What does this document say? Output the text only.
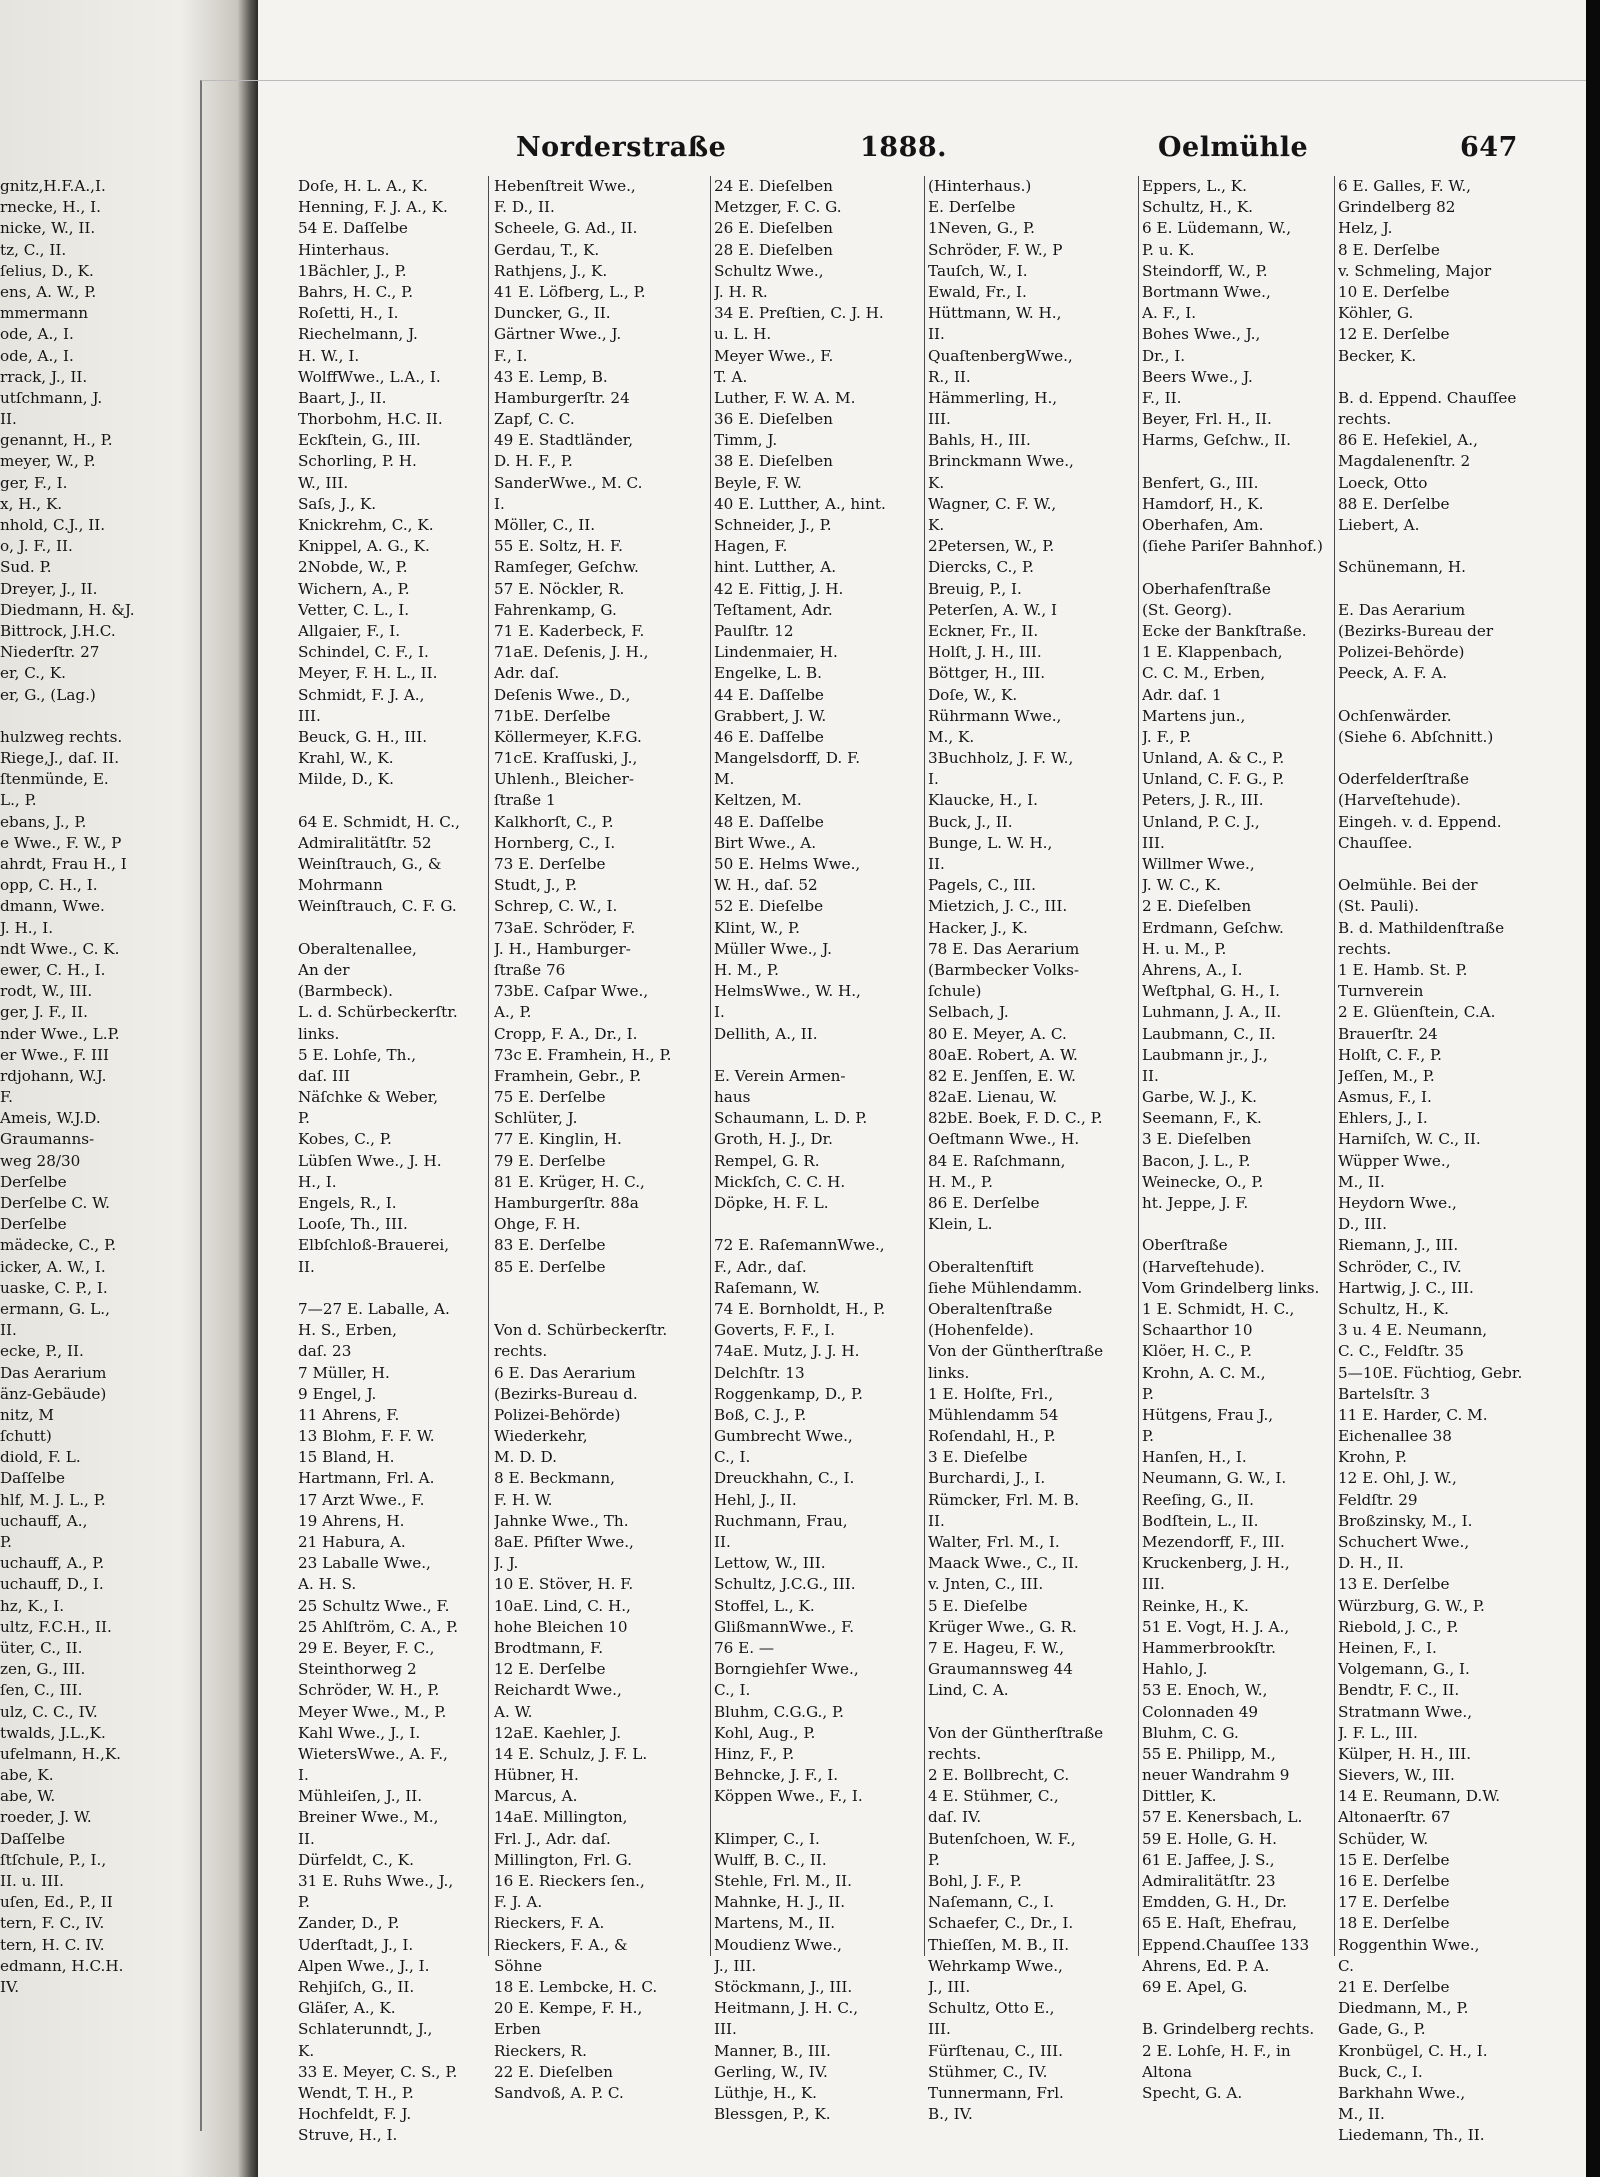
Norderstraße	1888.	Oelmühle	647
gnitz,H.F.A.,I.
rnecke, H., I.
nicke, W., II.
tz, C., II.
ſelius, D., K.
ens, A. W., P.
mmermann
ode, A., I.
ode, A., I.
rrack, J., II.
utſchmann, J.
II.
genannt, H., P.
meyer, W., P.
ger, F., I.
x, H., K.
nhold, C.J., II.
o, J. F., II.
Sud. P.
Dreyer, J., II.
Diedmann, H. &J.
Bittrock, J.H.C.
Niederſtr. 27
er, C., K.
er, G., (Lag.)
hulzweg rechts.
Riege,J., daſ. II.
ſtenmünde, E.
L., P.
ebans, J., P.
e Wwe., F. W., P
ahrdt, Frau H., I
opp, C. H., I.
dmann, Wwe.
J. H., I.
ndt Wwe., C. K.
ewer, C. H., I.
rodt, W., III.
ger, J. F., II.
nder Wwe., L.P.
er Wwe., F. III
rdjohann, W.J.
F.
Ameis, W.J.D.
Graumanns-
weg 28/30
Derſelbe
Derſelbe C. W.
Derſelbe
mädecke, C., P.
icker, A. W., I.
uaske, C. P., I.
ermann, G. L.,
II.
ecke, P., II.
Das Aerarium
änz-Gebäude)
nitz, M
ſchutt)
diold, F. L.
Daſſelbe
hlf, M. J. L., P.
uchauff, A.,
P.
uchauff, A., P.
uchauff, D., I.
hz, K., I.
ultz, F.C.H., II.
üter, C., II.
zen, G., III.
ſen, C., III.
ulz, C. C., IV.
twalds, J.L.,K.
ufelmann, H.,K.
abe, K.
abe, W.
roeder, J. W.
Daſſelbe
ſtſchule, P., I.,
II. u. III.
uſen, Ed., P., II
tern, F. C., IV.
tern, H. C. IV.
edmann, H.C.H.
IV.
Doſe, H. L. A., K.
Henning, F. J. A., K.
54 E. Daſſelbe
Hinterhaus.
1Bächler, J., P.
Bahrs, H. C., P.
Roſetti, H., I.
Riechelmann, J.
H. W., I.
WolffWwe., L.A., I.
Baart, J., II.
Thorbohm, H.C. II.
Eckſtein, G., III.
Schorling, P. H.
W., III.
Saſs, J., K.
Knickrehm, C., K.
Knippel, A. G., K.
2Nobde, W., P.
Wichern, A., P.
Vetter, C. L., I.
Allgaier, F., I.
Schindel, C. F., I.
Meyer, F. H. L., II.
Schmidt, F. J. A.,
III.
Beuck, G. H., III.
Krahl, W., K.
Milde, D., K.
64 E. Schmidt, H. C.,
Admiralitätſtr. 52
Weinſtrauch, G., &
Mohrmann
Weinſtrauch, C. F. G.
Oberaltenallee,
An der
(Barmbeck).
L. d. Schürbeckerſtr.
links.
5 E. Lohſe, Th.,
daſ. III
Näſchke & Weber,
P.
Kobes, C., P.
Lübſen Wwe., J. H.
H., I.
Engels, R., I.
Looſe, Th., III.
Elbſchloß-Brauerei,
II.
7—27 E. Laballe, A.
H. S., Erben,
daſ. 23
7 Müller, H.
9 Engel, J.
11 Ahrens, F.
13 Blohm, F. F. W.
15 Bland, H.
Hartmann, Frl. A.
17 Arzt Wwe., F.
19 Ahrens, H.
21 Habura, A.
23 Laballe Wwe.,
A. H. S.
25 Schultz Wwe., F.
25 Ahlſtröm, C. A., P.
29 E. Beyer, F. C.,
Steinthorweg 2
Schröder, W. H., P.
Meyer Wwe., M., P.
Kahl Wwe., J., I.
WietersWwe., A. F.,
I.
Mühleiſen, J., II.
Breiner Wwe., M.,
II.
Dürfeldt, C., K.
31 E. Ruhs Wwe., J.,
P.
Zander, D., P.
Uderſtadt, J., I.
Alpen Wwe., J., I.
Rehjiſch, G., II.
Gläſer, A., K.
Schlaterunndt, J.,
K.
33 E. Meyer, C. S., P.
Wendt, T. H., P.
Hochfeldt, F. J.
Struve, H., I.
Hebenſtreit Wwe.,
F. D., II.
Scheele, G. Ad., II.
Gerdau, T., K.
Rathjens, J., K.
41 E. Löfberg, L., P.
Duncker, G., II.
Gärtner Wwe., J.
F., I.
43 E. Lemp, B.
Hamburgerſtr. 24
Zapf, C. C.
49 E. Stadtländer,
D. H. F., P.
SanderWwe., M. C.
I.
Möller, C., II.
55 E. Soltz, H. F.
Ramſeger, Geſchw.
57 E. Nöckler, R.
Fahrenkamp, G.
71 E. Kaderbeck, F.
71aE. Deſenis, J. H.,
Adr. daſ.
Deſenis Wwe., D.,
71bE. Derſelbe
Köllermeyer, K.F.G.
71cE. Kraſſuski, J.,
Uhlenh., Bleicher-
ſtraße 1
Kalkhorſt, C., P.
Hornberg, C., I.
73 E. Derſelbe
Studt, J., P.
Schrep, C. W., I.
73aE. Schröder, F.
J. H., Hamburger-
ſtraße 76
73bE. Caſpar Wwe.,
A., P.
Cropp, F. A., Dr., I.
73c E. Framhein, H., P.
Framhein, Gebr., P.
75 E. Derſelbe
Schlüter, J.
77 E. Kinglin, H.
79 E. Derſelbe
81 E. Krüger, H. C.,
Hamburgerſtr. 88a
Ohge, F. H.
83 E. Derſelbe
85 E. Derſelbe
Von d. Schürbeckerſtr.
rechts.
6 E. Das Aerarium
(Bezirks-Bureau d.
Polizei-Behörde)
Wiederkehr,
M. D. D.
8 E. Beckmann,
F. H. W.
Jahnke Wwe., Th.
8aE. Pfiſter Wwe.,
J. J.
10 E. Stöver, H. F.
10aE. Lind, C. H.,
hohe Bleichen 10
Brodtmann, F.
12 E. Derſelbe
Reichardt Wwe.,
A. W.
12aE. Kaehler, J.
14 E. Schulz, J. F. L.
Hübner, H.
Marcus, A.
14aE. Millington,
Frl. J., Adr. daſ.
Millington, Frl. G.
16 E. Rieckers ſen.,
F. J. A.
Rieckers, F. A.
Rieckers, F. A., &
Söhne
18 E. Lembcke, H. C.
20 E. Kempe, F. H.,
Erben
Rieckers, R.
22 E. Dieſelben
Sandvoß, A. P. C.
24 E. Dieſelben
Metzger, F. C. G.
26 E. Dieſelben
28 E. Dieſelben
Schultz Wwe.,
J. H. R.
34 E. Preſtien, C. J. H.
u. L. H.
Meyer Wwe., F.
T. A.
Luther, F. W. A. M.
36 E. Dieſelben
Timm, J.
38 E. Dieſelben
Beyle, F. W.
40 E. Lutther, A., hint.
Schneider, J., P.
Hagen, F.
hint. Lutther, A.
42 E. Fittig, J. H.
Teſtament, Adr.
Paulſtr. 12
Lindenmaier, H.
Engelke, L. B.
44 E. Daſſelbe
Grabbert, J. W.
46 E. Daſſelbe
Mangelsdorff, D. F.
M.
Keltzen, M.
48 E. Daſſelbe
Birt Wwe., A.
50 E. Helms Wwe.,
W. H., daſ. 52
52 E. Dieſelbe
Klint, W., P.
Müller Wwe., J.
H. M., P.
HelmsWwe., W. H.,
I.
Dellith, A., II.
E. Verein Armen-
haus
Schaumann, L. D. P.
Groth, H. J., Dr.
Rempel, G. R.
Mickſch, C. C. H.
Döpke, H. F. L.
72 E. RaſemannWwe.,
F., Adr., daſ.
Raſemann, W.
74 E. Bornholdt, H., P.
Goverts, F. F., I.
74aE. Mutz, J. J. H.
Delchſtr. 13
Roggenkamp, D., P.
Boß, C. J., P.
Gumbrecht Wwe.,
C., I.
Dreuckhahn, C., I.
Hehl, J., II.
Ruchmann, Frau,
II.
Lettow, W., III.
Schultz, J.C.G., III.
Stoffel, L., K.
GlißmannWwe., F.
76 E. —
Borngiehſer Wwe.,
C., I.
Bluhm, C.G.G., P.
Kohl, Aug., P.
Hinz, F., P.
Behncke, J. F., I.
Köppen Wwe., F., I.
Klimper, C., I.
Wulff, B. C., II.
Stehle, Frl. M., II.
Mahnke, H. J., II.
Martens, M., II.
Moudienz Wwe.,
J., III.
Stöckmann, J., III.
Heitmann, J. H. C.,
III.
Manner, B., III.
Gerling, W., IV.
Lüthje, H., K.
Blessgen, P., K.
(Hinterhaus.)
E. Derſelbe
1Neven, G., P.
Schröder, F. W., P
Tauſch, W., I.
Ewald, Fr., I.
Hüttmann, W. H.,
II.
QuaſtenbergWwe.,
R., II.
Hämmerling, H.,
III.
Bahls, H., III.
Brinckmann Wwe.,
K.
Wagner, C. F. W.,
K.
2Petersen, W., P.
Diercks, C., P.
Breuig, P., I.
Peterſen, A. W., I
Eckner, Fr., II.
Holſt, J. H., III.
Böttger, H., III.
Doſe, W., K.
Rührmann Wwe.,
M., K.
3Buchholz, J. F. W.,
I.
Klaucke, H., I.
Buck, J., II.
Bunge, L. W. H.,
II.
Pagels, C., III.
Mietzich, J. C., III.
Hacker, J., K.
78 E. Das Aerarium
(Barmbecker Volks-
ſchule)
Selbach, J.
80 E. Meyer, A. C.
80aE. Robert, A. W.
82 E. Jenſſen, E. W.
82aE. Lienau, W.
82bE. Boek, F. D. C., P.
Oeſtmann Wwe., H.
84 E. Raſchmann,
H. M., P.
86 E. Derſelbe
Klein, L.
Oberaltenſtift
ſiehe Mühlendamm.
Oberaltenſtraße
(Hohenfelde).
Von der Güntherſtraße
links.
1 E. Holſte, Frl.,
Mühlendamm 54
Roſendahl, H., P.
3 E. Dieſelbe
Burchardi, J., I.
Rümcker, Frl. M. B.
II.
Walter, Frl. M., I.
Maack Wwe., C., II.
v. Jnten, C., III.
5 E. Dieſelbe
Krüger Wwe., G. R.
7 E. Hageu, F. W.,
Graumannsweg 44
Lind, C. A.
Von der Güntherſtraße
rechts.
2 E. Bollbrecht, C.
4 E. Stühmer, C.,
daſ. IV.
Butenſchoen, W. F.,
P.
Bohl, J. F., P.
Naſemann, C., I.
Schaefer, C., Dr., I.
Thieſſen, M. B., II.
Wehrkamp Wwe.,
J., III.
Schultz, Otto E.,
III.
Fürſtenau, C., III.
Stühmer, C., IV.
Tunnermann, Frl.
B., IV.
Eppers, L., K.
Schultz, H., K.
6 E. Lüdemann, W.,
P. u. K.
Steindorff, W., P.
Bortmann Wwe.,
A. F., I.
Bohes Wwe., J.,
Dr., I.
Beers Wwe., J.
F., II.
Beyer, Frl. H., II.
Harms, Geſchw., II.
Benfert, G., III.
Hamdorf, H., K.
Oberhafen, Am.
(ſiehe Pariſer Bahnhof.)
Oberhafenſtraße
(St. Georg).
Ecke der Bankſtraße.
1 E. Klappenbach,
C. C. M., Erben,
Adr. daſ. 1
Martens jun.,
J. F., P.
Unland, A. & C., P.
Unland, C. F. G., P.
Peters, J. R., III.
Unland, P. C. J.,
III.
Willmer Wwe.,
J. W. C., K.
2 E. Dieſelben
Erdmann, Geſchw.
H. u. M., P.
Ahrens, A., I.
Weſtphal, G. H., I.
Luhmann, J. A., II.
Laubmann, C., II.
Laubmann jr., J.,
II.
Garbe, W. J., K.
Seemann, F., K.
3 E. Dieſelben
Bacon, J. L., P.
Weinecke, O., P.
ht. Jeppe, J. F.
Oberſtraße
(Harveſtehude).
Vom Grindelberg links.
1 E. Schmidt, H. C.,
Schaarthor 10
Klöer, H. C., P.
Krohn, A. C. M.,
P.
Hütgens, Frau J.,
P.
Hanſen, H., I.
Neumann, G. W., I.
Reeſing, G., II.
Bodſtein, L., II.
Mezendorff, F., III.
Kruckenberg, J. H.,
III.
Reinke, H., K.
51 E. Vogt, H. J. A.,
Hammerbrookſtr.
Hahlo, J.
53 E. Enoch, W.,
Colonnaden 49
Bluhm, C. G.
55 E. Philipp, M.,
neuer Wandrahm 9
Dittler, K.
57 E. Kenersbach, L.
59 E. Holle, G. H.
61 E. Jaffee, J. S.,
Admiralitätſtr. 23
Emdden, G. H., Dr.
65 E. Haſt, Ehefrau,
Eppend.Chauſſee 133
Ahrens, Ed. P. A.
69 E. Apel, G.
B. Grindelberg rechts.
2 E. Lohſe, H. F., in
Altona
Specht, G. A.
6 E. Galles, F. W.,
Grindelberg 82
Helz, J.
8 E. Derſelbe
v. Schmeling, Major
10 E. Derſelbe
Köhler, G.
12 E. Derſelbe
Becker, K.
B. d. Eppend. Chauſſee
rechts.
86 E. Heſekiel, A.,
Magdalenenſtr. 2
Loeck, Otto
88 E. Derſelbe
Liebert, A.
Schünemann, H.
E. Das Aerarium
(Bezirks-Bureau der
Polizei-Behörde)
Peeck, A. F. A.
Ochſenwärder.
(Siehe 6. Abſchnitt.)
Oderfelderſtraße
(Harveſtehude).
Eingeh. v. d. Eppend.
Chauſſee.
Oelmühle. Bei der
(St. Pauli).
B. d. Mathildenſtraße
rechts.
1 E. Hamb. St. P.
Turnverein
2 E. Glüenſtein, C.A.
Brauerſtr. 24
Holſt, C. F., P.
Jeſſen, M., P.
Asmus, F., I.
Ehlers, J., I.
Harniſch, W. C., II.
Wüpper Wwe.,
M., II.
Heydorn Wwe.,
D., III.
Riemann, J., III.
Schröder, C., IV.
Hartwig, J. C., III.
Schultz, H., K.
3 u. 4 E. Neumann,
C. C., Feldſtr. 35
5—10E. Füchtiog, Gebr.
Bartelsſtr. 3
11 E. Harder, C. M.
Eichenallee 38
Krohn, P.
12 E. Ohl, J. W.,
Feldſtr. 29
Broßzinsky, M., I.
Schuchert Wwe.,
D. H., II.
13 E. Derſelbe
Würzburg, G. W., P.
Riebold, J. C., P.
Heinen, F., I.
Volgemann, G., I.
Bendtr, F. C., II.
Stratmann Wwe.,
J. F. L., III.
Külper, H. H., III.
Sievers, W., III.
14 E. Reumann, D.W.
Altonaerſtr. 67
Schüder, W.
15 E. Derſelbe
16 E. Derſelbe
17 E. Derſelbe
18 E. Derſelbe
Roggenthin Wwe.,
C.
21 E. Derſelbe
Diedmann, M., P.
Gade, G., P.
Kronbügel, C. H., I.
Buck, C., I.
Barkhahn Wwe.,
M., II.
Liedemann, Th., II.
